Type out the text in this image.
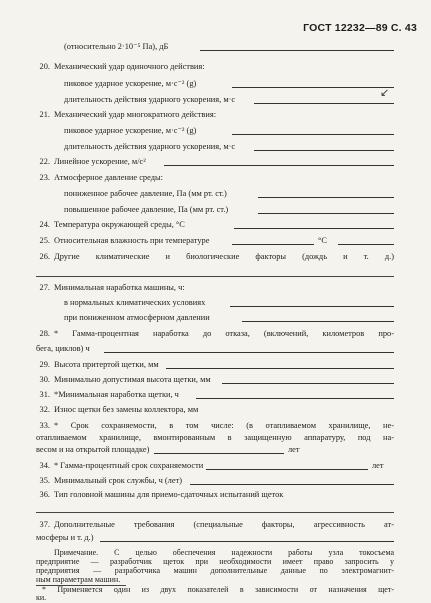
ГОСТ 12232—89 С. 43
(относительно 2·10⁻⁵ Па), дБ
20. Механический удар одиночного действия:
пиковое ударное ускорение, м·с⁻² (g)
↙
длительность действия ударного ускорения, м·с
21. Механический удар многократного действия:
пиковое ударное ускорение, м·с⁻² (g)
длительность действия ударного ускорения, м·с
22. Линейное ускорение, м/с²
23. Атмосферное давление среды:
пониженное рабочее давление, Па (мм рт. ст.)
повышенное рабочее давление, Па (мм рт. ст.)
24. Температура окружающей среды, °С
25. Относительная влажность при температуре	°С
26. Другие климатические и биологические факторы (дождь и т. д.)
27. Минимальная наработка машины, ч:
в нормальных климатических условиях
при пониженном атмосферном давлении
28. * Гамма-процентная наработка до отказа, (включений, километров про-
бега, циклов) ч
29. Высота притертой щетки, мм
30. Минимально допустимая высота щетки, мм
31. *Минимальная наработка щетки, ч
32. Износ щетки без замены коллектора, мм
33. * Срок сохраняемости, в том числе: (в отапливаемом хранилище, не-
отапливаемом хранилище, вмонтированным в защищенную аппаратуру, под на-
весом и на открытой площадке)	лет
34. * Гамма-процентный срок сохраняемости	лет
35. Минимальный срок службы, ч (лет)
36. Тип головной машины для приемо-сдаточных испытаний щеток
37. Дополнительные требования (специальные факторы, агрессивность ат-
мосферы и т. д.)
Примечание. С целью обеспечения надежности работы узла токосъема
предприятие — разработчик щеток при необходимости имеет право запросить у
предприятия — разработчика машин дополнительные данные по электромагнит-
ным параметрам машин.
* Применяется один из двух показателей в зависимости от назначения щет-
ки.
